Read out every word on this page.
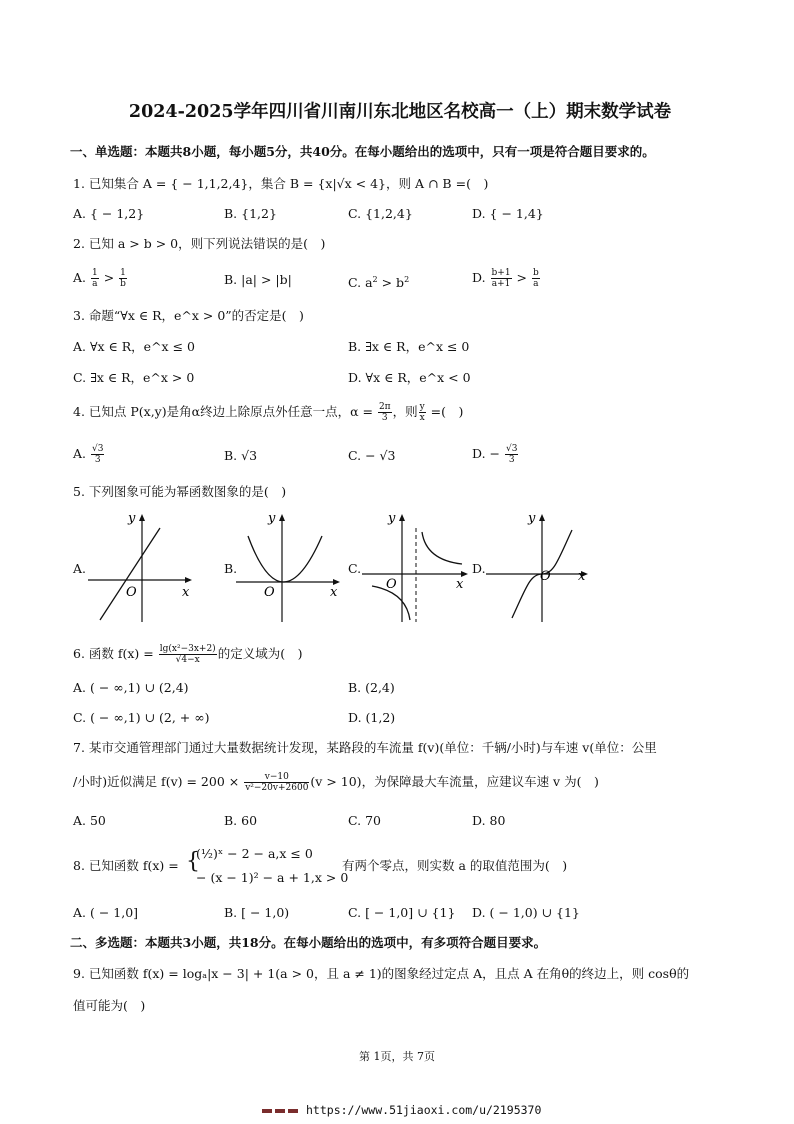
2024-2025学年四川省川南川东北地区名校高一（上）期末数学试卷
一、单选题：本题共8小题，每小题5分，共40分。在每小题给出的选项中，只有一项是符合题目要求的。
1. 已知集合 A = { − 1,1,2,4}，集合 B = {x|√x < 4}，则 A ∩ B =(　)
A. { − 1,2}	B. {1,2}	C. {1,2,4}	D. { − 1,4}
2. 已知 a > b > 0，则下列说法错误的是(　)
A. $\frac{1}{a} > \frac{1}{b}$	B. |a| > |b|	C. $a^2 > b^2$	D. $\frac{b+1}{a+1} > \frac{b}{a}$
3. 命题“∀x ∈ R，e^x > 0”的否定是(　)
A. ∀x ∈ R，e^x ≤ 0	B. ∃x ∈ R，e^x ≤ 0
C. ∃x ∈ R，e^x > 0	D. ∀x ∈ R，e^x < 0
4. 已知点 P(x,y)是角α终边上除原点外任意一点，$\alpha = \frac{2\pi}{3}$ ，则 $\frac{y}{x}$ =(　)
A. $\frac{√3}{3}$	B. √3	C. − √3	D. − $\frac{√3}{3}$
5. 下列图象可能为幂函数图象的是(　)
A.
y
O	x
B.
y
O	x
C.
y
O	x
D.
y
O x
6. 函数 $f(x) = \frac{\text{lg(x²−3x+2)}}{√4-x}$ 的定义域为(　)
A. ( − ∞,1) ∪ (2,4)	B. (2,4)
C. ( − ∞,1) ∪ (2, + ∞)	D. (1,2)
7. 某市交通管理部门通过大量数据统计发现，某路段的车流量 f(v)(单位：千辆/小时)与车速 v(单位：公里
/小时)近似满足 $f(v) = 200 \times \frac{v-10}{\text{v²−20v+2600}} (v > 10)$，为保障最大车流量，应建议车速 v 为(　)
A. 50	B. 60	C. 70	D. 80
8. 已知函数 f(x) = {
(½)ˣ − 2 − a,x ≤ 0
− (x − 1)² − a + 1,x > 0
有两个零点，则实数 a 的取值范围为(　)
A. ( − 1,0]	B. [ − 1,0)	C. [ − 1,0] ∪ {1} D. ( − 1,0) ∪ {1}
二、多选题：本题共3小题，共18分。在每小题给出的选项中，有多项符合题目要求。
9. 已知函数 f(x) = logₐ|x − 3| + 1(a > 0，且 a ≠ 1)的图象经过定点 A，且点 A 在角θ的终边上，则 cosθ的
值可能为(　)
第 1页，共 7页
https://www.51jiaoxi.com/u/2195370
